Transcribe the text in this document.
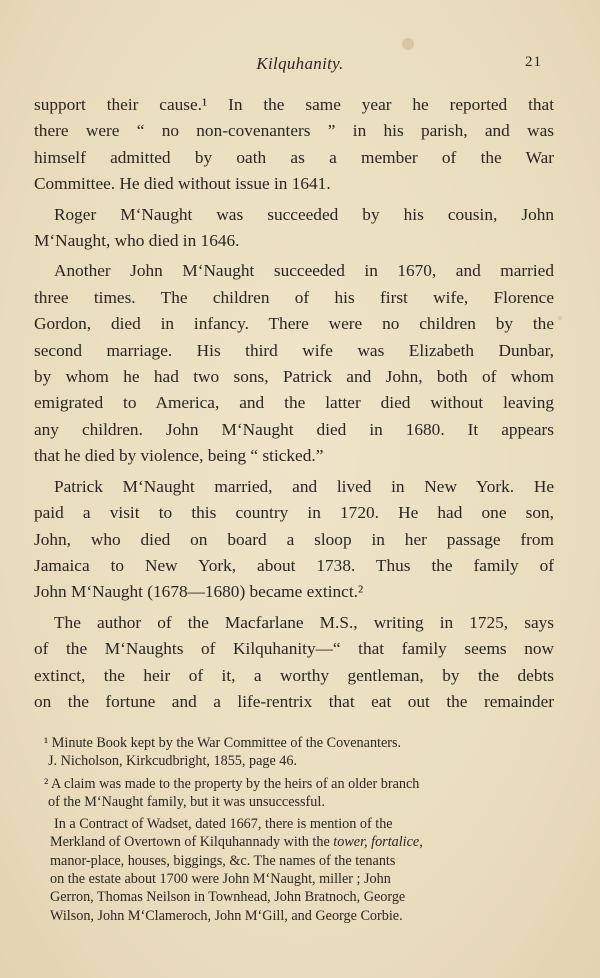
Kilquhanity.	21

support their cause.¹ In the same year he reported that
there were “ no non-covenanters ” in his parish, and was
himself admitted by oath as a member of the War
Committee. He died without issue in 1641.

Roger M‘Naught was succeeded by his cousin, John
M‘Naught, who died in 1646.

Another John M‘Naught succeeded in 1670, and married
three times. The children of his first wife, Florence
Gordon, died in infancy. There were no children by the
second marriage. His third wife was Elizabeth Dunbar,
by whom he had two sons, Patrick and John, both of whom
emigrated to America, and the latter died without leaving
any children. John M‘Naught died in 1680. It appears
that he died by violence, being “ sticked.”

Patrick M‘Naught married, and lived in New York. He
paid a visit to this country in 1720. He had one son,
John, who died on board a sloop in her passage from
Jamaica to New York, about 1738. Thus the family of
John M‘Naught (1678—1680) became extinct.²

The author of the Macfarlane M.S., writing in 1725, says
of the M‘Naughts of Kilquhanity—“ that family seems now
extinct, the heir of it, a worthy gentleman, by the debts
on the fortune and a life-rentrix that eat out the remainder

¹ Minute Book kept by the War Committee of the Covenanters.
J. Nicholson, Kirkcudbright, 1855, page 46.
² A claim was made to the property by the heirs of an older branch
of the M‘Naught family, but it was unsuccessful.
In a Contract of Wadset, dated 1667, there is mention of the
Merkland of Overtown of Kilquhannady with the tower, fortalice,
manor-place, houses, biggings, &c. The names of the tenants
on the estate about 1700 were John M‘Naught, miller ; John
Gerron, Thomas Neilson in Townhead, John Bratnoch, George
Wilson, John M‘Clameroch, John M‘Gill, and George Corbie.
